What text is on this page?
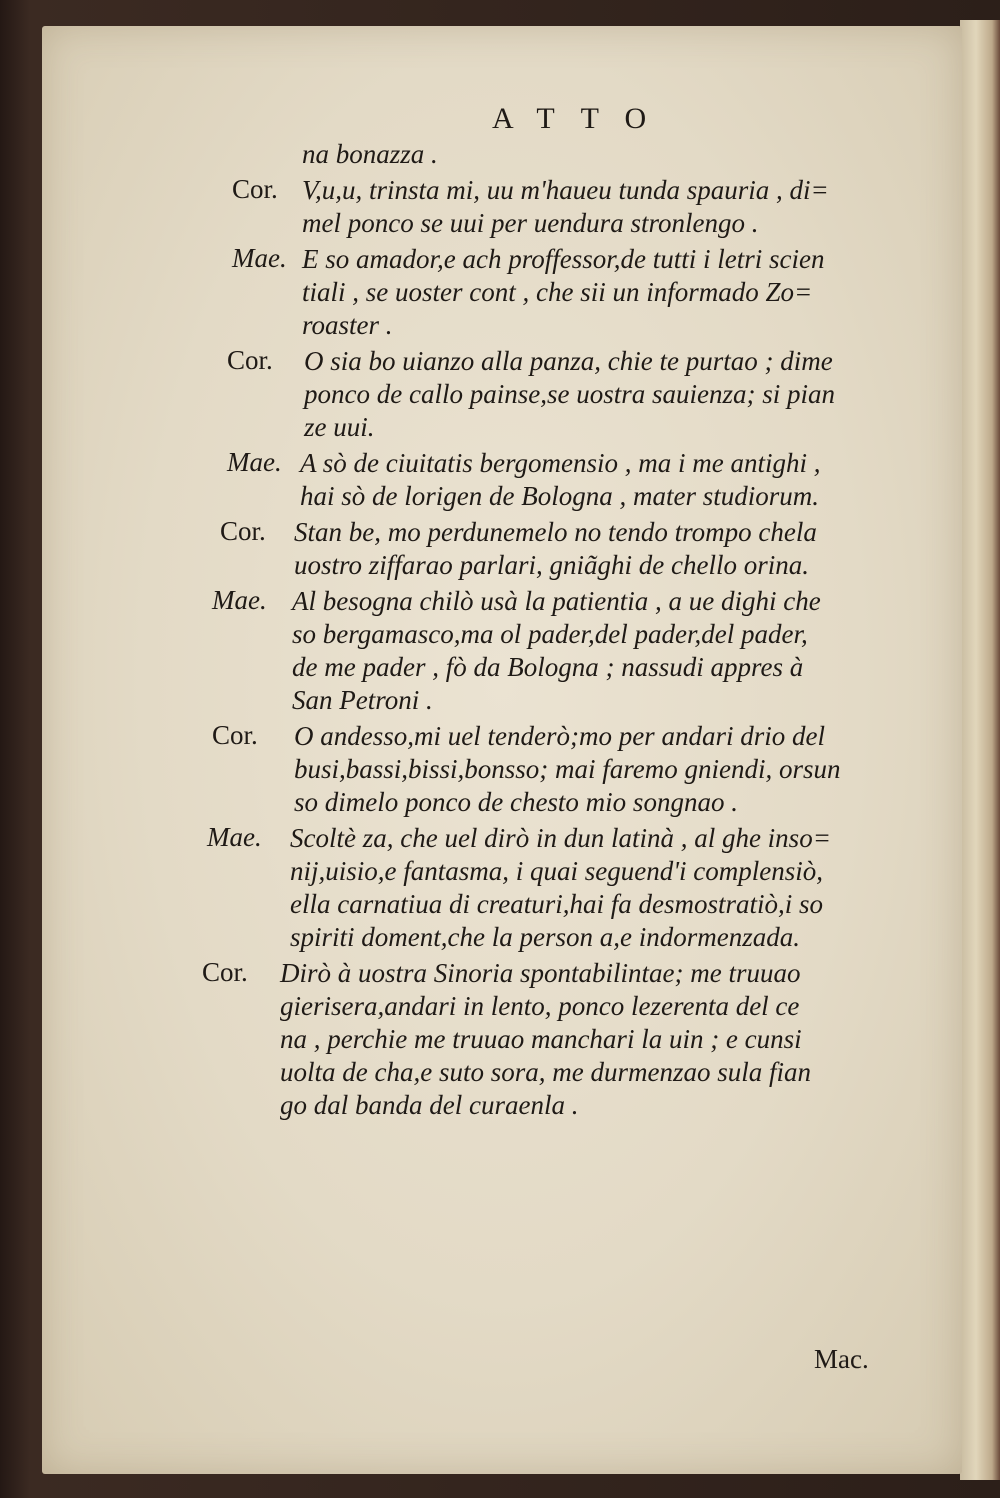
ATTO
na bonazza .
Cor. V,u,u, trinsta mi, uu m'haueu tunda spauria , di=
mel ponco se uui per uendura stronlengo .
Mae. E so amador,e ach proffessor,de tutti i letri scien
tiali , se uoster cont , che sii un informado Zo=
roaster .
Cor. O sia bo uianzo alla panza, chie te purtao ; dime
ponco de callo painse,se uostra sauienza; si pian
ze uui.
Mae. A sò de ciuitatis bergomensio , ma i me antighi ,
hai sò de lorigen de Bologna , mater studiorum.
Cor. Stan be, mo perdunemelo no tendo trompo chela
uostro ziffarao parlari, gniãghi de chello orina.
Mae. Al besogna chilò usà la patientia , a ue dighi che
so bergamasco,ma ol pader,del pader,del pader,
de me pader , fò da Bologna ; nassudi appres à
San Petroni .
Cor. O andesso,mi uel tenderò;mo per andari drio del
busi,bassi,bissi,bonsso; mai faremo gniendi, orsun
so dimelo ponco de chesto mio songnao .
Mae. Scoltè za, che uel dirò in dun latinà , al ghe inso=
nij,uisio,e fantasma, i quai seguend'i complensiò,
ella carnatiua di creaturi,hai fa desmostratiò,i so
spiriti doment,che la person a,e indormenzada.
Cor. Dirò à uostra Sinoria spontabilintae; me truuao
gierisera,andari in lento, ponco lezerenta del ce
na , perchie me truuao manchari la uin ; e cunsi
uolta de cha,e suto sora, me durmenzao sula fian
go dal banda del curaenla .
Mac.
